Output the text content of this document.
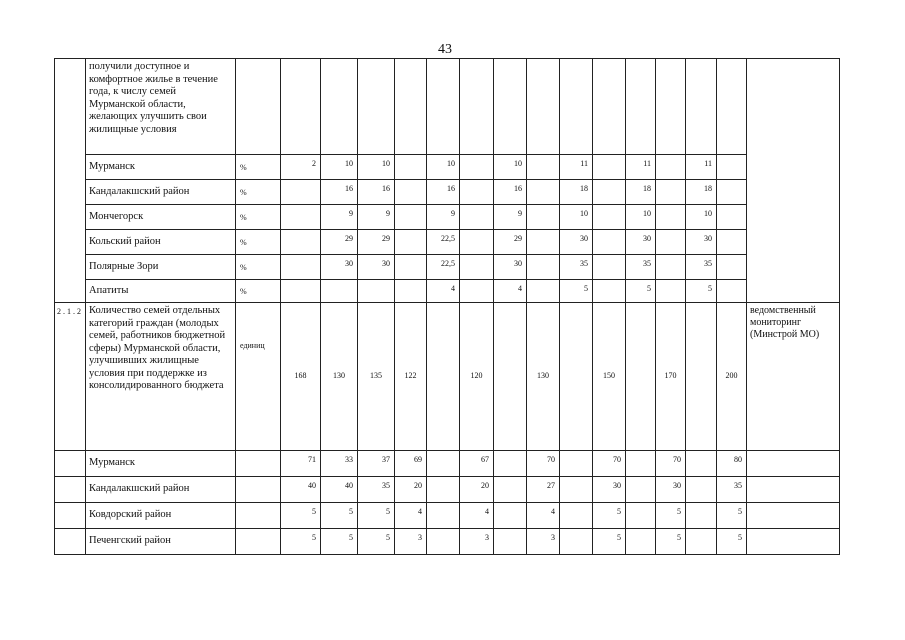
43
	получили доступное и комфортное жилье в течение года, к числу семей Мурманской области, желающих улучшить свои жилищные условия																
	Мурманск	%	2	10	10		10		10		11		11		11		
	Кандалакшский район	%		16	16		16		16		18		18		18		
	Мончегорск	%		9	9		9		9		10		10		10		
	Кольский район	%		29	29		22,5		29		30		30		30		
	Полярные Зори	%		30	30		22,5		30		35		35		35		
	Апатиты	%					4		4		5		5		5		
2.1.2	Количество семей отдельных категорий граждан (молодых семей, работников бюджетной сферы) Мурманской области, улучшивших жилищные условия при поддержке из консолидированного бюджета	единиц	168	130	135	122		120		130		150		170		200	ведомственный мониторинг (Минстрой МО)
	Мурманск		71	33	37	69		67		70		70		70		80	
	Кандалакшский район		40	40	35	20		20		27		30		30		35	
	Ковдорский район		5	5	5	4		4		4		5		5		5	
	Печенгский район		5	5	5	3		3		3		5		5		5	
